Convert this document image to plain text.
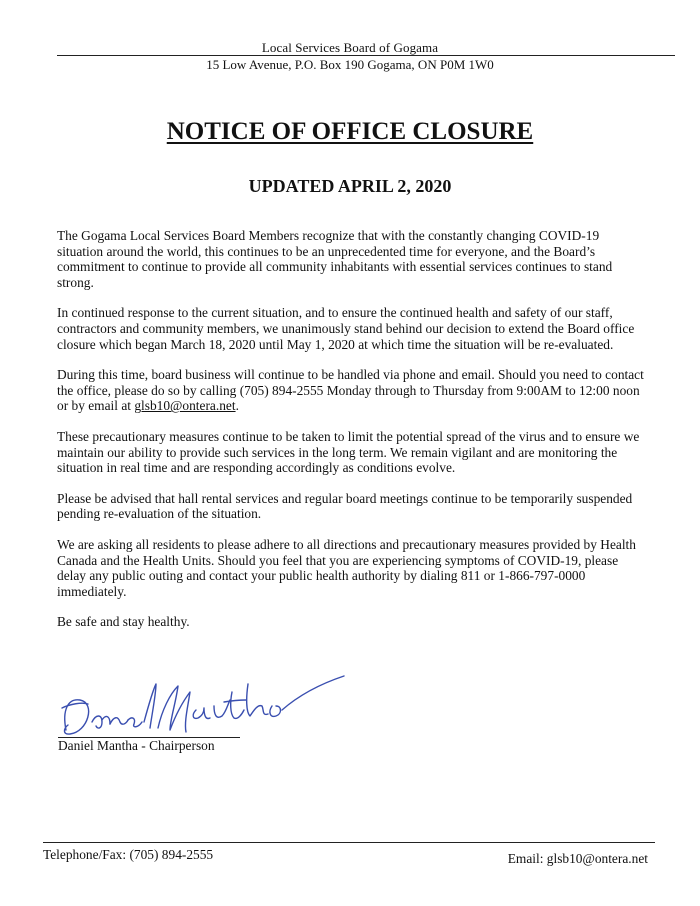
Local Services Board of Gogama
15 Low Avenue, P.O. Box 190 Gogama, ON P0M 1W0
NOTICE OF OFFICE CLOSURE
UPDATED APRIL 2, 2020

The Gogama Local Services Board Members recognize that with the constantly changing COVID-19 situation around the world, this continues to be an unprecedented time for everyone, and the Board’s commitment to continue to provide all community inhabitants with essential services continues to stand strong.

In continued response to the current situation, and to ensure the continued health and safety of our staff, contractors and community members, we unanimously stand behind our decision to extend the Board office closure which began March 18, 2020 until May 1, 2020 at which time the situation will be re-evaluated.

During this time, board business will continue to be handled via phone and email. Should you need to contact the office, please do so by calling (705) 894-2555 Monday through to Thursday from 9:00AM to 12:00 noon or by email at glsb10@ontera.net.

These precautionary measures continue to be taken to limit the potential spread of the virus and to ensure we maintain our ability to provide such services in the long term. We remain vigilant and are monitoring the situation in real time and are responding accordingly as conditions evolve.

Please be advised that hall rental services and regular board meetings continue to be temporarily suspended pending re-evaluation of the situation.

We are asking all residents to please adhere to all directions and precautionary measures provided by Health Canada and the Health Units. Should you feel that you are experiencing symptoms of COVID-19, please delay any public outing and contact your public health authority by dialing 811 or 1-866-797-0000 immediately.

Be safe and stay healthy.

Daniel Mantha - Chairperson
Telephone/Fax: (705) 894-2555	Email: glsb10@ontera.net
